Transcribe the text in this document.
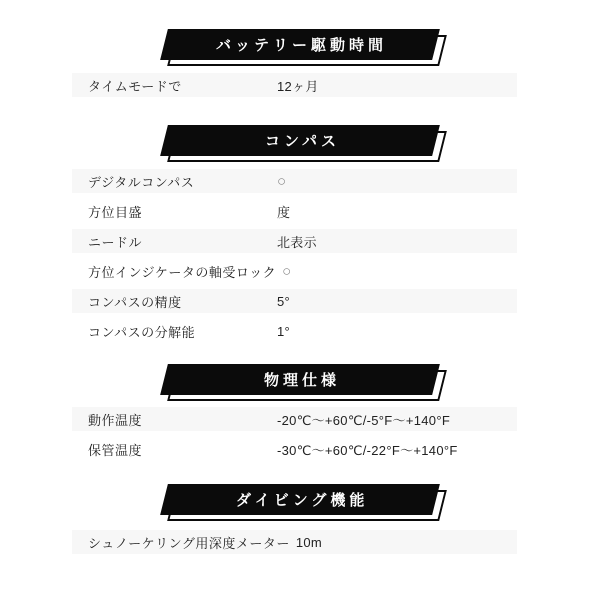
バッテリー駆動時間
タイムモードで	12ヶ月
コンパス
デジタルコンパス	○
方位目盛	度
ニードル	北表示
方位インジケータの軸受ロック ○
コンパスの精度	5°
コンパスの分解能	1°
物理仕様
動作温度	-20℃〜+60℃/-5°F〜+140°F
保管温度	-30℃〜+60℃/-22°F〜+140°F
ダイビング機能
シュノーケリング用深度メーター 10m
